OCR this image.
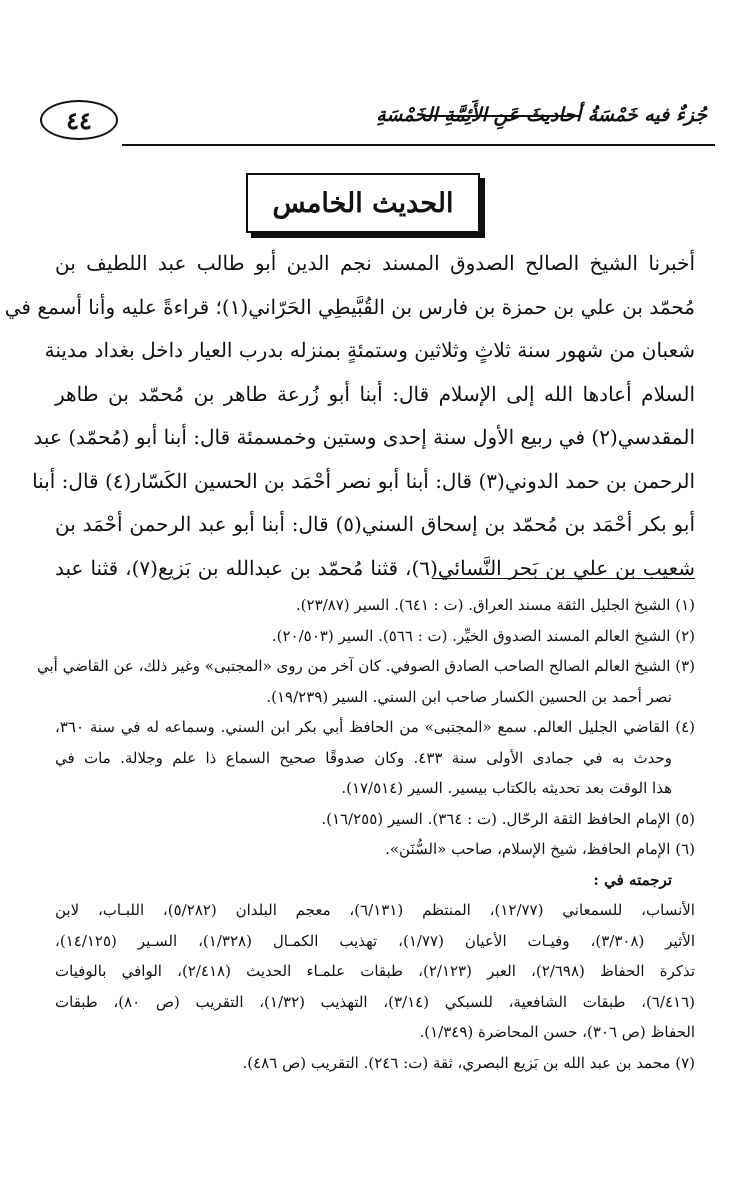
٤٤	جُزءٌ فيه خَمْسَةُ أحاديثَ عَنِ الأَئِمَّةِ الخَمْسَةِ
الحديث الخامس
أخبرنا الشيخ الصالح الصدوق المسند نجم الدين أبو طالب عبد اللطيف بن
مُحمّد بن علي بن حمزة بن فارس بن القُبَّيطِي الحَرّاني(١)؛ قراءةً عليه وأنا أسمع في
شعبان من شهور سنة ثلاثٍ وثلاثين وستمئةٍ بمنزله بدرب العيار داخل بغداد مدينة
السلام أعادها الله إلى الإسلام قال: أبنا أبو زُرعة طاهر بن مُحمّد بن طاهر
المقدسي(٢) في ربيع الأول سنة إحدى وستين وخمسمئة قال: أبنا أبو (مُحمّد) عبد
الرحمن بن حمد الدوني(٣) قال: أبنا أبو نصر أحْمَد بن الحسين الكَسّار(٤) قال: أبنا
أبو بكر أحْمَد بن مُحمّد بن إسحاق السني(٥) قال: أبنا أبو عبد الرحمن أحْمَد بن
شعيب بن علي بن بَحر النَّسائي(٦)، قثنا مُحمّد بن عبدالله بن بَزيع(٧)، قثنا عبد
(١) الشيخ الجليل الثقة مسند العراق. (ت : ٦٤١). السير (٢٣/٨٧).
(٢) الشيخ العالم المسند الصدوق الخيِّر. (ت : ٥٦٦). السير (٢٠/٥٠٣).
(٣) الشيخ العالم الصالح الصاحب الصادق الصوفي. كان آخر من روى «المجتبى» وغير ذلك، عن القاضي أبي
نصر أحمد بن الحسين الكسار صاحب ابن السني. السير (١٩/٢٣٩).
(٤) القاضي الجليل العالم. سمع «المجتبى» من الحافظ أبي بكر ابن السني. وسماعه له في سنة ٣٦٠،
وحدث به في جمادى الأولى سنة ٤٣٣. وكان صدوقًا صحيح السماع ذا علم وجلالة. مات في
هذا الوقت بعد تحديثه بالكتاب بيسير. السير (١٧/٥١٤).
(٥) الإمام الحافظ الثقة الرحّال. (ت : ٣٦٤). السير (١٦/٢٥٥).
(٦) الإمام الحافظ، شيخ الإسلام، صاحب «السُّنَن».
ترجمته في :
الأنساب، للسمعاني (١٢/٧٧)، المنتظم (٦/١٣١)، معجم البلدان (٥/٢٨٢)، اللبـاب، لابن
الأثير (٣/٣٠٨)، وفيـات الأعيان (١/٧٧)، تهذيب الكمـال (١/٣٢٨)، السـير (١٤/١٢٥)،
تذكرة الحفاظ (٢/٦٩٨)، العبر (٢/١٢٣)، طبقات علمـاء الحديث (٢/٤١٨)، الوافي بالوفيات
(٦/٤١٦)، طبقات الشافعية، للسبكي (٣/١٤)، التهذيب (١/٣٢)، التقريب (ص ٨٠)، طبقات
الحفاظ (ص ٣٠٦)، حسن المحاضرة (١/٣٤٩).
(٧) محمد بن عبد الله بن بَزيع البصري، ثقة (ت: ٢٤٦). التقريب (ص ٤٨٦).
